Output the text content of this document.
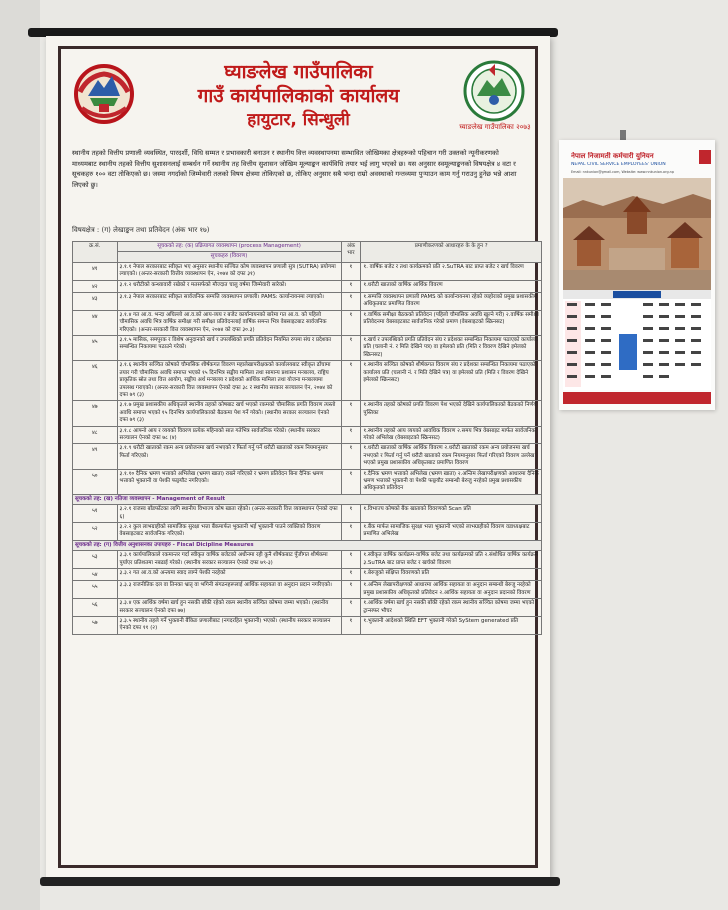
घ्याङलेख गाउँपालिका
गाउँ कार्यपालिकाको कार्यालय
हायुटार, सिन्धुली	घ्याङलेख गाउँपालिका २०७३
स्थानीय तहको वित्तीय प्रणाली व्यवस्थित, पारदर्शी, विधि सम्मत र प्रभावकारी बनाउन र स्थानीय वित्त व्यवस्थापनमा सम्भावित जोखिमका क्षेत्रहरूको पहिचान गरी उक्तको न्यूनीकरणको माध्यमबाट स्थानीय तहको वित्तीय सुशासनलाई सम्बर्धन गर्ने स्थानीय तह वित्तीय सुशासन जोखिम मूल्याङ्कन कार्यविधि तयार भई लागु भएको छ। यस अनुसार स्वमूल्याङ्कनको विषयक्षेत्र ४ वटा र सूचकहरु १०० वटा तोकिएको छ। जस्मा नगर्दाको जिम्मेवारी तलको विषय क्षेत्रमा तोकिएको छ, तोकिए अनुसार सबै भन्दा राम्रो अवस्थाको गन्तव्यमा पुऱ्याउन काम गर्नु गराउनु हुनेछ भन्ने आशा लिएको छु।
विषयक्षेत्र : (ग) लेखाङ्कन तथा प्रतिवेदन (अंक भार १७)
क्र.सं.	सूचकको तह: (क) प्रक्रियागत व्यवस्थापन (process Management)	अंक भार	प्रमाणीकरणको आधारहरु के के हुन ?
	सूचकहरु (विवरण)		
४१	३.१.१ नेपाल सरकारबाट स्वीकृत भए अनुसार स्थानीय सञ्चित कोष व्यवस्थापन प्रणाली सुत्र (SUTRA) प्रयोगमा ल्याएको। (अन्तर-सरकारी वित्तीय व्यवस्थापन ऐन, २०७४ को दफा ३१)	१	१. वार्षिक बजेट र तथा कार्यक्रमको प्रति २.SuTRA बाट प्राप्त बजेट र खर्च विवरण
४२	३.१.२ धरौटीको कन्ध्यावारी रखेको र मतसर्फको मौज्दात चालु वर्षमा जिम्मेवारी सारेको।	१	१.धरौटी खाताको वार्षिक आर्थिक विवरण
४३	३.१.३ नेपाल सरकारबाट स्वीकृत सार्वजनिक सम्पत्ति व्यवस्थापन प्रणाली। PAMS: कार्यान्वयनमा ल्याएको।	१	१.सम्पत्ति व्यवस्थापन प्रणाली PAMS को कार्यान्वयनमा रहेको व्यहोराको प्रमुख प्रशासकीय अधिकृतबाट प्रमाणित विवरण
४४	३.१.४ गत आ.व. भन्दा अघिल्लो आ.व.को आय-व्यय र बजेट कार्यान्वयनको बारेमा गत आ.व. को पहिलो चौमासिक अवधि भित्र वार्षिक समीक्षा गरी समीक्षा प्रतिवेदनलाई वार्षिक समन्त भित्र वेबसाइटबाट सार्वजनिक गरिएको। (अन्तर-सरकारी वित्त व्यवस्थापन ऐन, २०७४ को दफा ३०.३)	१	१.वार्षिक समीक्षा बैठकको प्रतिवेदन (पहिलो चौमासिक अवधि खुल्ने गरी) २.वार्षिक समीक्षा प्रतिवेदनमा वेबसाइटबाट सार्वजनिक गरेको प्रमाण (वेबसाइटको स्क्रिनसट)
४५	३.१.५ मासिक, समपुरक र विशेष अनुदानको खर्च र उपलब्धिको प्रगति प्रतिवेदन नियमित रुपमा संघ र प्रदेशका सम्बन्धित निकायमा पठाउने गरेको।	१	१.खर्च र उपलब्धिको प्रगति प्रतिवेदन संघ र प्रदेशका सम्बन्धित निकायमा पठाएको कार्यालय प्रति (चलानी नं. र मिति देखिने पत्र) वा इमेलको प्रति (मिति र विवरण देखिने इमेलको स्क्रिनसट)
४६	३.१.६ स्थानीय सञ्चित कोषको चौमासिक शीर्षकगत विवरण महालेखापरीक्षकको कार्यालयबाट स्वीकृत ढाँचामा तयार गरी चौमासिक अवधि समाप्त भएको १५ दिनभित्र सङ्घीय मामिला तथा सामान्य प्रशासन मन्त्रालय, राष्ट्रिय प्राकृतिक स्रोत तथा वित्त आयोग, सङ्घीय अर्थ मन्त्रालय र प्रदेशको आर्थिक मामिला तथा योजना मन्त्रालयमा उपलब्ध गराएको। (अन्तर-सरकारी वित्त व्यवस्थापन ऐनको दफा ३८ र स्थानीय सरकार सञ्चालन ऐन, २०७४ को दफा ७९ (३)	१	१.स्थानीय सञ्चित कोषको शीर्षकगत विवरण संघ र प्रदेशका सम्बन्धित निकायमा पठाएको कार्यालय प्रति (चलानी नं. र मिति देखिने पत्र) वा इमेलको प्रति (मिति र विवरण देखिने इमेलको स्क्रिनसट)
४७	३.१.७ प्रमुख प्रशासकीय अधिकृतले स्थानीय तहको कोषबाट खर्च भएको रकमको चौमासिक प्रगति विवरण त्यस्तो अवधि समाप्त भएको १५ दिनभित्र कार्यपालिकाको बैठकमा पेश गर्ने गरेको। (स्थानीय सरकार सञ्चालन ऐनको दफा ७९ (३)	१	१.स्थानीय तहको कोषको प्रगति विवरण पेश भएको देखिने कार्यपालिकाको बैठकको निर्णय पुस्तिका
४८	३.१.८ आफ्नो आय र व्ययको विवरण प्रत्येक महिनाको सात गतेभित्र सार्वजनिक गरेको। (स्थानीय सरकार सञ्चालन ऐनको दफा ७८ (४)	१	१.स्थानीय तहको आय व्ययको आवधिक विवरण २.समय भित्र वेबसाइट मार्फत सार्वजनिक गरेको अभिलेख (वेबसाइटको स्क्रिनसट)
४९	३.१.९ धरौटी खाताको रकम अन्य प्रयोजनमा खर्च नभएको र फिर्ता गर्नु पर्ने धरौटी खाताको रकम नियमानुसार फिर्ता गरिएको।	१	१.धरौटी खाताको वार्षिक आर्थिक विवरण २.धरौटी खाताको रकम अन्य प्रयोजनमा खर्च नभएको र फिर्ता गर्नु पर्ने धरौटी खाताको रकम नियमानुसार फिर्ता गरिएको विवरण उल्लेख भएको प्रमुख प्रशासकीय अधिकृतबाट प्रमाणित विवरण
५०	३.१.१० दैनिक भ्रमण भत्ताको अभिलेख (भ्रमण खाता) राख्ने गरिएको र भ्रमण प्रतिवेदन बिना दैनिक भ्रमण भत्ताको भुक्तानी वा पेश्की फछ्र्यौट नगरिएको।	१	१.दैनिक भ्रमण भत्ताको अभिलेख (भ्रमण खाता) २.अन्तिम लेखापरीक्षणको आधारमा दैनिक भ्रमण भत्ताको भुक्तानी वा पेश्की फछ्र्यौट सम्बन्धी बेरुजु नरहेको प्रमुख प्रशासकीय अधिकृतको प्रतिवेदन
सूचकको तह: (ख) नतिजा व्यवस्थापन - Management of Result			
५१	३.२.१ राजस्व बाँडफाँटका लागि स्थानीय विभाज्य कोष खाता रहेको। (अन्तर-सरकारी वित्त व्यवस्थापन ऐनको दफा ६)	१	१.विभाज्य कोषको बैंक खाताको विवरणको Scan प्रति
५२	३.२.२ कुल लाभग्राहीको सामाजिक सुरक्षा भत्ता बैंकमार्फत भुक्तानी भई भुक्तानी पाउने व्यक्तिको विवरण वेबसाइटबाट सार्वजनिक गरिएको।	१	१.बैंक मार्फत सामाजिक सुरक्षा भत्ता भुक्तानी भएको लाभग्राहीको विवरण वडाध्यक्षबाट प्रमाणित अभिलेख
सूचकको तह: (ग) वित्तीय अनुशासनका उपायहरु - Fiscal Dicipline Measures			
५३	३.३.१ कार्यपालिकाले रकमान्तर गर्दा स्वीकृत वार्षिक बजेटको अधीनमा रही कुनै शीर्षकबाट पुँजीगत शीर्षकमा पुर्याएर प्रतिशतमा नबढाई गरेको। (स्थानीय सरकार सञ्चालन ऐनको दफा ७९-३)	१	१.स्वीकृत वार्षिक कार्यक्रम-वार्षिक बजेट तथा कार्यक्रमको प्रति २.संशोधित वार्षिक कार्यक्रम ३.SuTRA बाट प्राप्त बजेट र खर्चको विवरण
५४	३.३.२ गत आ.व.को अन्त्यमा स्वाद लाग्ने पेश्की नरहेको	१	१.बेरुजुको संक्षिप्त विवरणको प्रति
५५	३.३.३ राजनीतिक दल वा तिनका भ्रातृ वा भगिनी संगठनहरूलाई आर्थिक सहायता वा अनुदान प्रदान नगरिएको।	१	१.अन्तिम लेखापरीक्षणको आधारमा आर्थिक सहायता वा अनुदान सम्बन्धी बेरुजु नरहेको प्रमुख प्रशासकीय अधिकृतको प्रतिवेदन २.आर्थिक सहायता वा अनुदान प्रदानको विवरण
५६	३.३.४ एक आर्थिक वर्षमा खर्च हुन नसकी बाँकी रहेको रकम स्थानीय सञ्चित कोषमा जम्मा भएको। (स्थानीय सरकार सञ्चालन ऐनको दफा ७७)	१	१.आर्थिक वर्षमा खर्च हुन नसकी बाँकी रहेको रकम स्थानीय सञ्चित कोषमा जम्मा भएको ट्रान्सफर भौचर
५७	३.३.५ स्थानीय तहले गर्ने भुक्तानी बैंकिङ प्रणालीबाट (नगदरहित भुक्तानी) भएको। (स्थानीय सरकार सञ्चालन ऐनको दफा ११ (२)	१	१.भुक्तानी आदेशको स्थिति EFT भुक्तानी गरेको SyStem generated प्रति
नेपाल निजामती कर्मचारी युनियन
NEPAL CIVIL SERVICE EMPLOYEES' UNION
Email: nnkunion@gmail.com, Website: www.nnkunion.org.np
